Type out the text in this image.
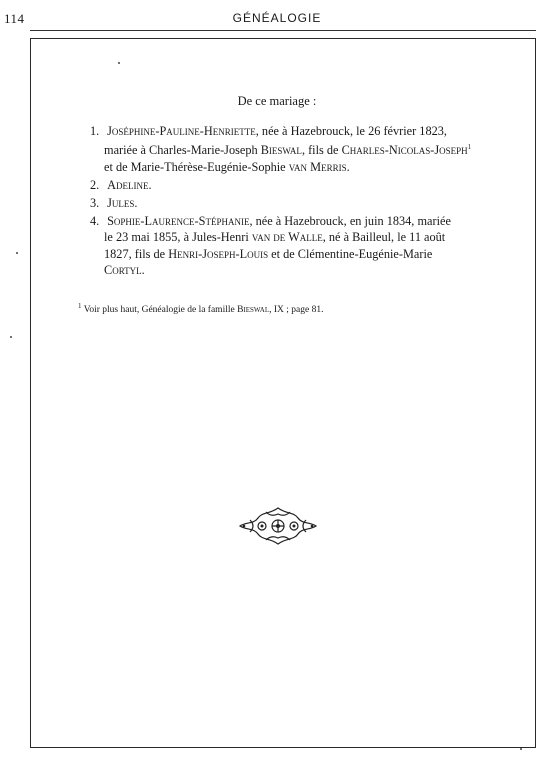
114	GÉNÉALOGIE
De ce mariage :
1. Joséphine-Pauline-Henriette, née à Hazebrouck, le 26 février 1823,
mariée à Charles-Marie-Joseph Bieswal, fils de Charles-Nicolas-Joseph$^1$
et de Marie-Thérèse-Eugénie-Sophie van Merris.
2. Adeline.
3. Jules.
4. Sophie-Laurence-Stéphanie, née à Hazebrouck, en juin 1834, mariée
le 23 mai 1855, à Jules-Henri van de Walle, né à Bailleul, le 11 août
1827, fils de Henri-Joseph-Louis et de Clémentine-Eugénie-Marie
Cortyl.
$^1$ Voir plus haut, Généalogie de la famille Bieswal, IX ; page 81.
